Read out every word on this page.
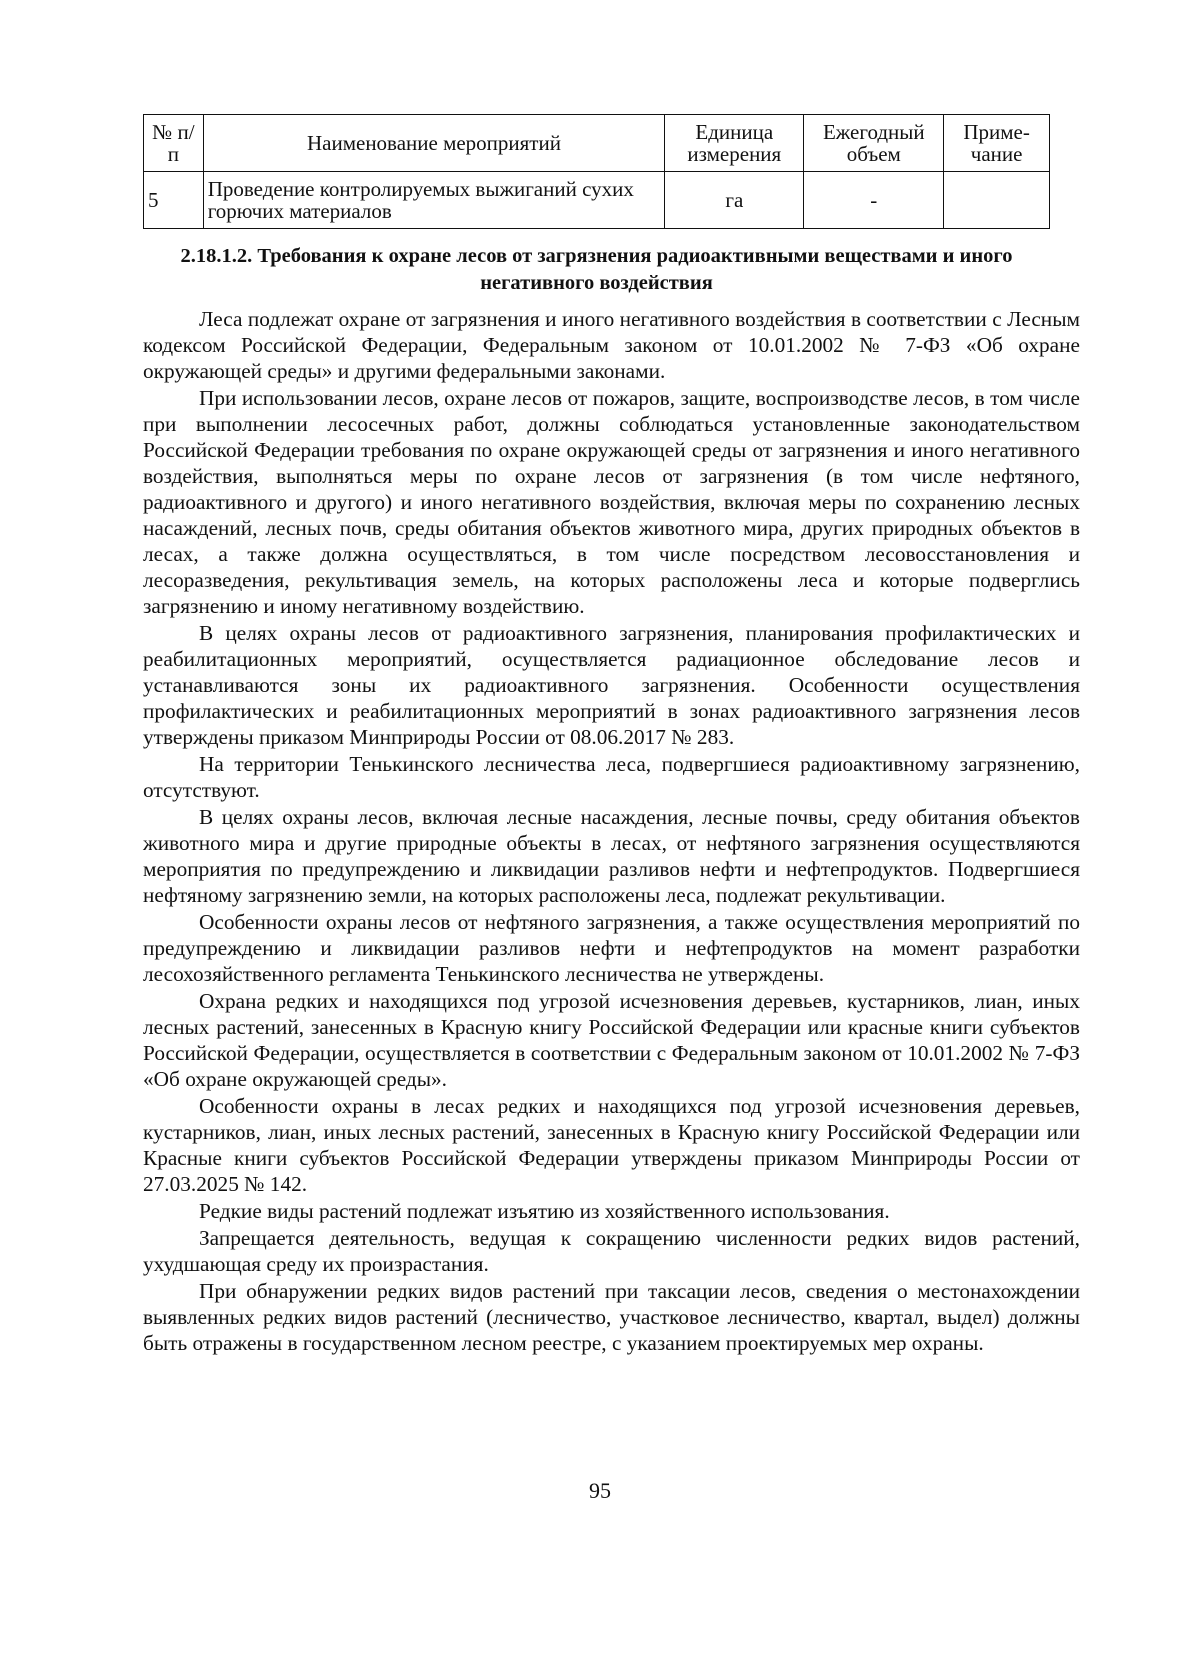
№ п/п	Наименование мероприятий	Единица измерения	Ежегодный объем	Приме-чание
5	Проведение контролируемых выжиганий сухих горючих материалов	га	-	
2.18.1.2. Требования к охране лесов от загрязнения радиоактивными веществами и иного негативного воздействия

Леса подлежат охране от загрязнения и иного негативного воздействия в соответствии с Лесным кодексом Российской Федерации, Федеральным законом от 10.01.2002 № 7-ФЗ «Об охране окружающей среды» и другими федеральными законами.

При использовании лесов, охране лесов от пожаров, защите, воспроизводстве лесов, в том числе при выполнении лесосечных работ, должны соблюдаться установленные законодательством Российской Федерации требования по охране окружающей среды от загрязнения и иного негативного воздействия, выполняться меры по охране лесов от загрязнения (в том числе нефтяного, радиоактивного и другого) и иного негативного воздействия, включая меры по сохранению лесных насаждений, лесных почв, среды обитания объектов животного мира, других природных объектов в лесах, а также должна осуществляться, в том числе посредством лесовосстановления и лесоразведения, рекультивация земель, на которых расположены леса и которые подверглись загрязнению и иному негативному воздействию.

В целях охраны лесов от радиоактивного загрязнения, планирования профилактических и реабилитационных мероприятий, осуществляется радиационное обследование лесов и устанавливаются зоны их радиоактивного загрязнения. Особенности осуществления профилактических и реабилитационных мероприятий в зонах радиоактивного загрязнения лесов утверждены приказом Минприроды России от 08.06.2017 № 283.

На территории Тенькинского лесничества леса, подвергшиеся радиоактивному загрязнению, отсутствуют.

В целях охраны лесов, включая лесные насаждения, лесные почвы, среду обитания объектов животного мира и другие природные объекты в лесах, от нефтяного загрязнения осуществляются мероприятия по предупреждению и ликвидации разливов нефти и нефтепродуктов. Подвергшиеся нефтяному загрязнению земли, на которых расположены леса, подлежат рекультивации.

Особенности охраны лесов от нефтяного загрязнения, а также осуществления мероприятий по предупреждению и ликвидации разливов нефти и нефтепродуктов на момент разработки лесохозяйственного регламента Тенькинского лесничества не утверждены.

Охрана редких и находящихся под угрозой исчезновения деревьев, кустарников, лиан, иных лесных растений, занесенных в Красную книгу Российской Федерации или красные книги субъектов Российской Федерации, осуществляется в соответствии с Федеральным законом от 10.01.2002 № 7-ФЗ «Об охране окружающей среды».

Особенности охраны в лесах редких и находящихся под угрозой исчезновения деревьев, кустарников, лиан, иных лесных растений, занесенных в Красную книгу Российской Федерации или Красные книги субъектов Российской Федерации утверждены приказом Минприроды России от 27.03.2025 № 142.

Редкие виды растений подлежат изъятию из хозяйственного использования.

Запрещается деятельность, ведущая к сокращению численности редких видов растений, ухудшающая среду их произрастания.

При обнаружении редких видов растений при таксации лесов, сведения о местонахождении выявленных редких видов растений (лесничество, участковое лесничество, квартал, выдел) должны быть отражены в государственном лесном реестре, с указанием проектируемых мер охраны.

95
